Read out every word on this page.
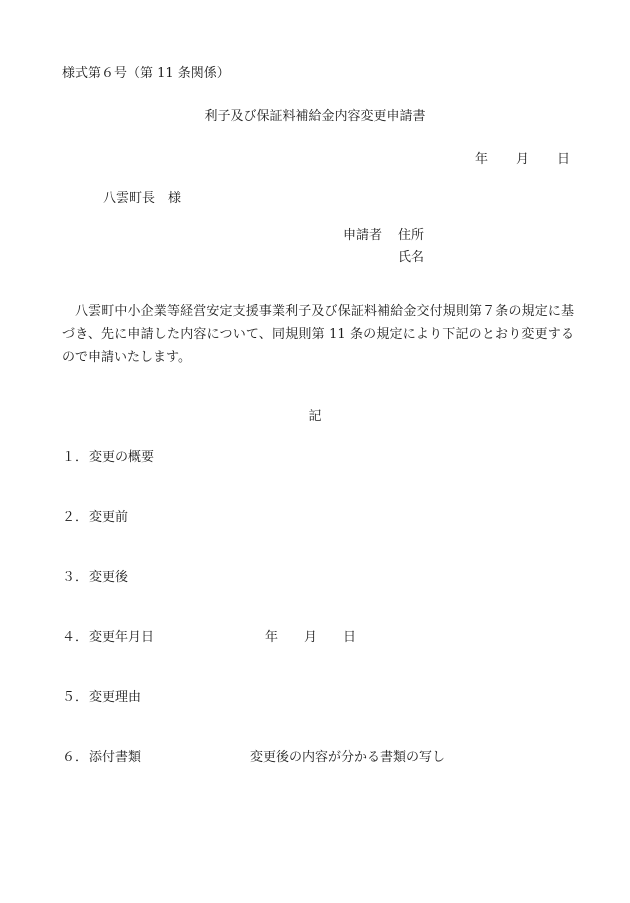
様式第６号（第 11 条関係）
利子及び保証料補給金内容変更申請書
年 月 日
八雲町長　様
申請者 住所
氏名
八雲町中小企業等経営安定支援事業利子及び保証料補給金交付規則第７条の規定に基づき、先に申請した内容について、同規則第 11 条の規定により下記のとおり変更するので申請いたします。
記
１．変更の概要
２．変更前
３．変更後
４．変更年月日	年 月 日
５．変更理由
６．添付書類	変更後の内容が分かる書類の写し
